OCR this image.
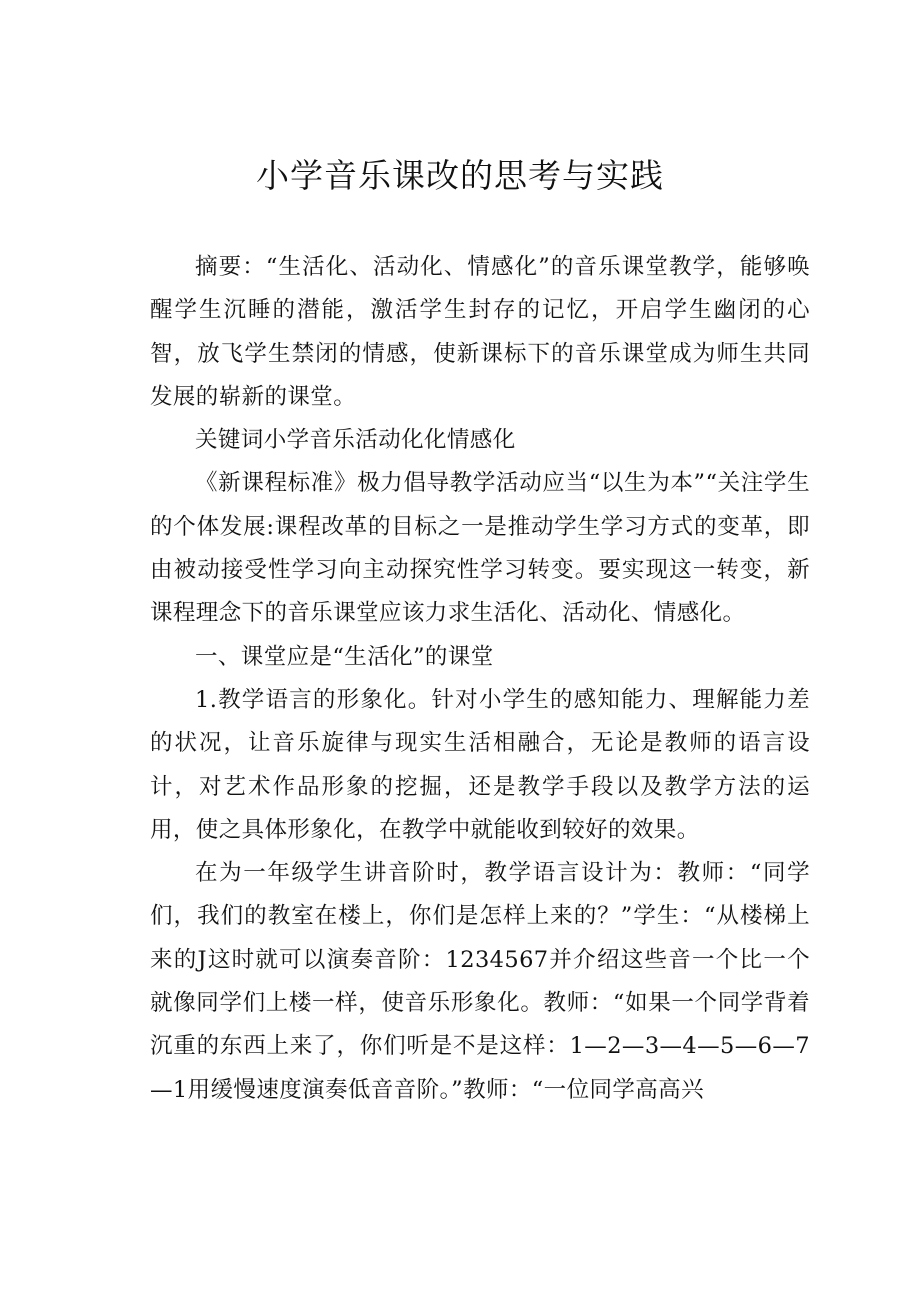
小学音乐课改的思考与实践

摘要：“生活化、活动化、情感化”的音乐课堂教学，能够唤醒学生沉睡的潜能，激活学生封存的记忆，开启学生幽闭的心智，放飞学生禁闭的情感，使新课标下的音乐课堂成为师生共同发展的崭新的课堂。

关键词小学音乐活动化化情感化

《新课程标准》极力倡导教学活动应当“以生为本”“关注学生的个体发展:课程改革的目标之一是推动学生学习方式的变革，即由被动接受性学习向主动探究性学习转变。要实现这一转变，新课程理念下的音乐课堂应该力求生活化、活动化、情感化。

一、课堂应是“生活化”的课堂

1.教学语言的形象化。针对小学生的感知能力、理解能力差的状况，让音乐旋律与现实生活相融合，无论是教师的语言设计，对艺术作品形象的挖掘，还是教学手段以及教学方法的运用，使之具体形象化，在教学中就能收到较好的效果。

在为一年级学生讲音阶时，教学语言设计为：教师：“同学们，我们的教室在楼上，你们是怎样上来的？”学生：“从楼梯上来的J这时就可以演奏音阶：1234567并介绍这些音一个比一个就像同学们上楼一样，使音乐形象化。教师：“如果一个同学背着沉重的东西上来了，你们听是不是这样：1—2—3—4—5—6—7—1用缓慢速度演奏低音音阶。”教师：“一位同学高高兴
